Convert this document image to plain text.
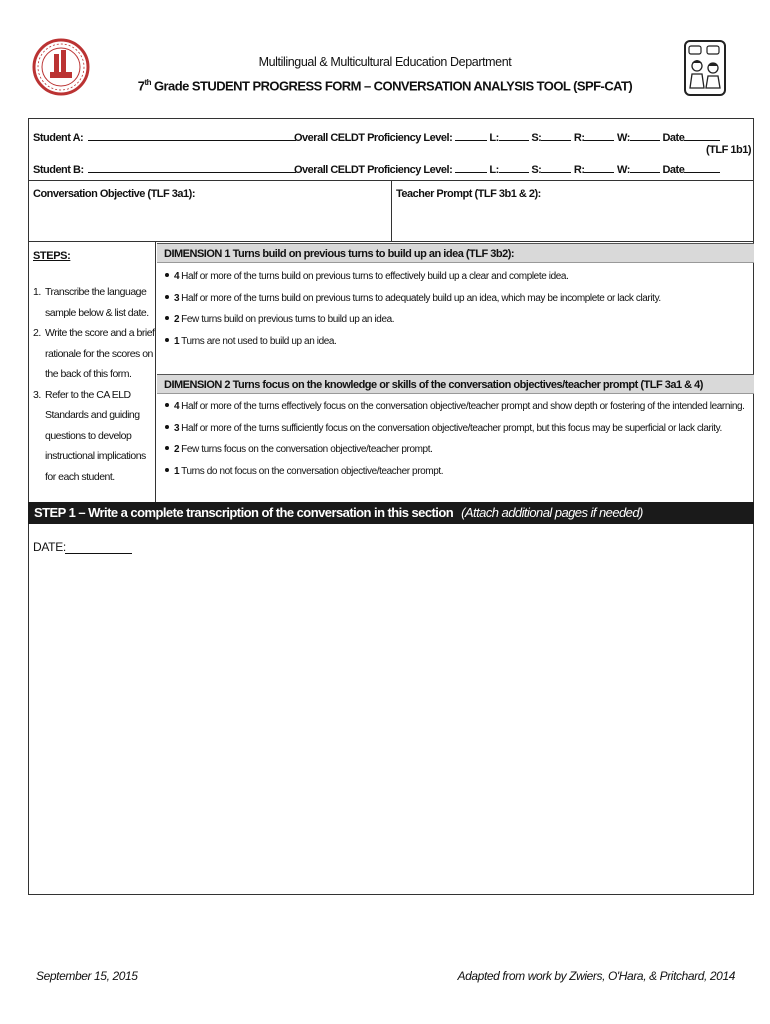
Multilingual & Multicultural Education Department
7th Grade STUDENT PROGRESS FORM – CONVERSATION ANALYSIS TOOL (SPF-CAT)
Student A:	Overall CELDT Proficiency Level:	L:	S:	R:	W:	Date
(TLF 1b1)
Student B:	Overall CELDT Proficiency Level:	L:	S:	R:	W:	Date
Conversation Objective (TLF 3a1):	Teacher Prompt (TLF 3b1 & 2):
STEPS:
1. Transcribe the language sample below & list date.
2. Write the score and a brief rationale for the scores on the back of this form.
3. Refer to the CA ELD Standards and guiding questions to develop instructional implications for each student.
DIMENSION 1 Turns build on previous turns to build up an idea (TLF 3b2):
4 Half or more of the turns build on previous turns to effectively build up a clear and complete idea.
3 Half or more of the turns build on previous turns to adequately build up an idea, which may be incomplete or lack clarity.
2 Few turns build on previous turns to build up an idea.
1 Turns are not used to build up an idea.
DIMENSION 2 Turns focus on the knowledge or skills of the conversation objectives/teacher prompt (TLF 3a1 & 4)
4 Half or more of the turns effectively focus on the conversation objective/teacher prompt and show depth or fostering of the intended learning.
3 Half or more of the turns sufficiently focus on the conversation objective/teacher prompt, but this focus may be superficial or lack clarity.
2 Few turns focus on the conversation objective/teacher prompt.
1 Turns do not focus on the conversation objective/teacher prompt.
STEP 1 – Write a complete transcription of the conversation in this section (Attach additional pages if needed)
DATE:
September 15, 2015	Adapted from work by Zwiers, O'Hara, & Pritchard, 2014
